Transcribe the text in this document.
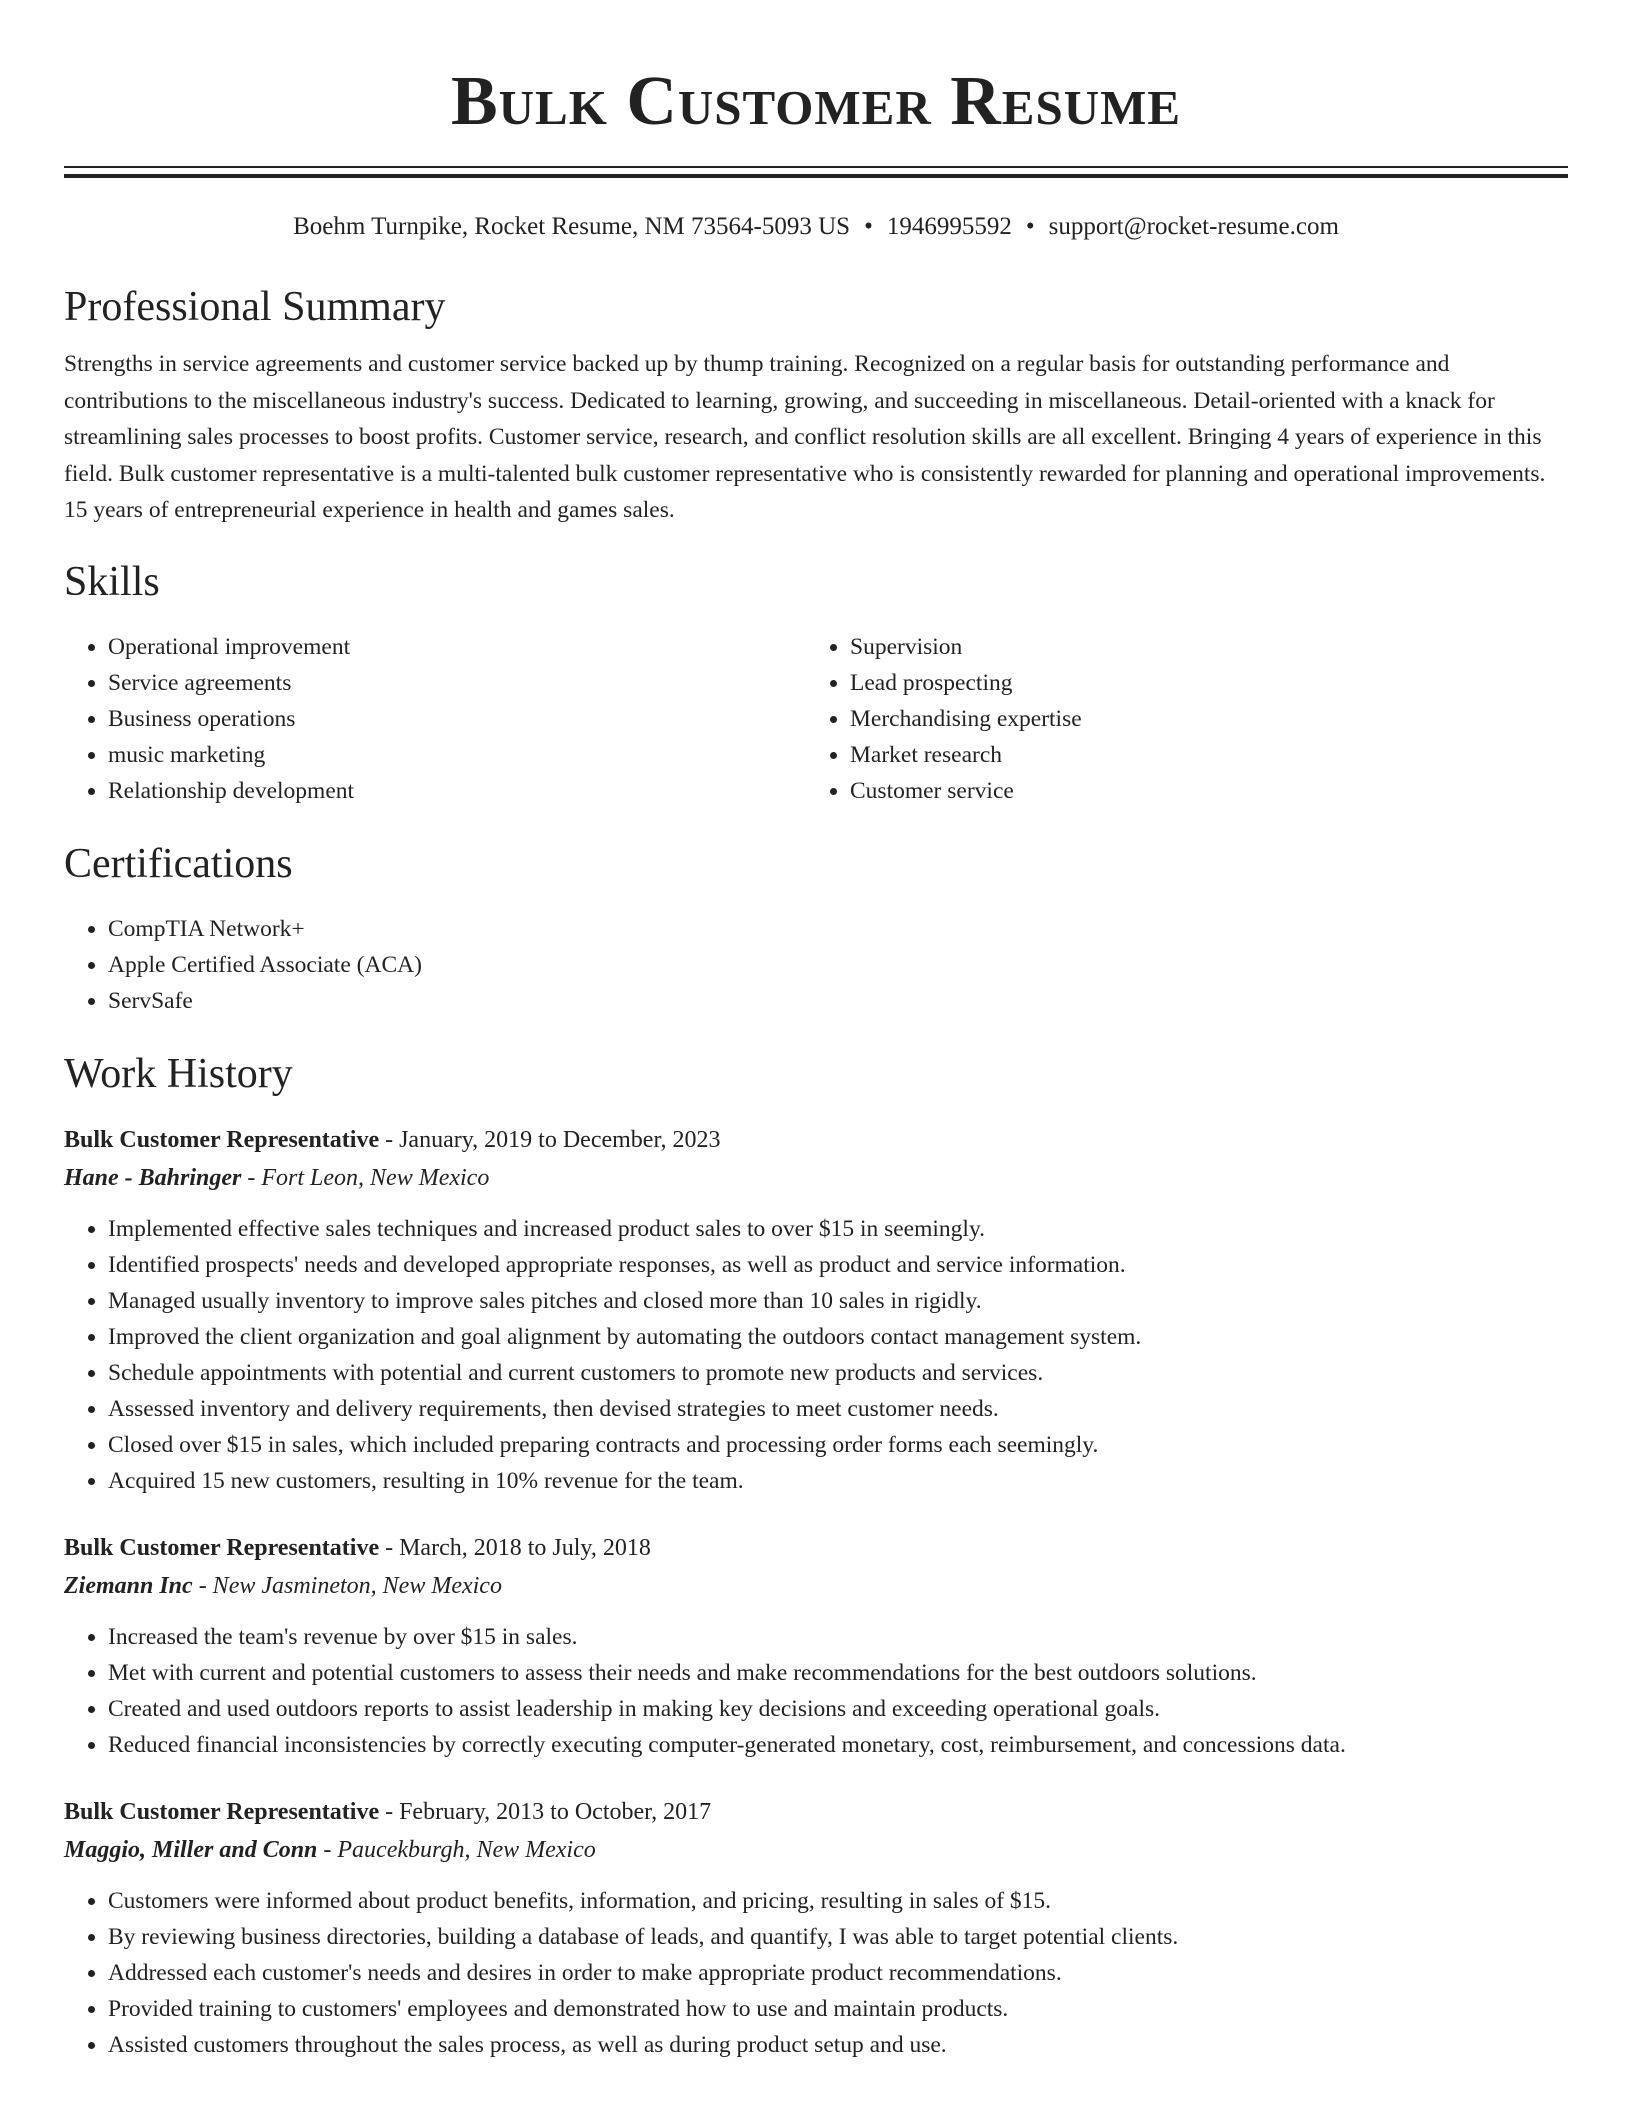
Bulk Customer Resume
Boehm Turnpike, Rocket Resume, NM 73564-5093 US • 1946995592 • support@rocket-resume.com
Professional Summary
Strengths in service agreements and customer service backed up by thump training. Recognized on a regular basis for outstanding performance and contributions to the miscellaneous industry's success. Dedicated to learning, growing, and succeeding in miscellaneous. Detail-oriented with a knack for streamlining sales processes to boost profits. Customer service, research, and conflict resolution skills are all excellent. Bringing 4 years of experience in this field. Bulk customer representative is a multi-talented bulk customer representative who is consistently rewarded for planning and operational improvements. 15 years of entrepreneurial experience in health and games sales.
Skills
• Operational improvement
• Service agreements
• Business operations
• music marketing
• Relationship development
• Supervision
• Lead prospecting
• Merchandising expertise
• Market research
• Customer service
Certifications
• CompTIA Network+
• Apple Certified Associate (ACA)
• ServSafe
Work History
Bulk Customer Representative - January, 2019 to December, 2023
Hane - Bahringer - Fort Leon, New Mexico
• Implemented effective sales techniques and increased product sales to over $15 in seemingly.
• Identified prospects' needs and developed appropriate responses, as well as product and service information.
• Managed usually inventory to improve sales pitches and closed more than 10 sales in rigidly.
• Improved the client organization and goal alignment by automating the outdoors contact management system.
• Schedule appointments with potential and current customers to promote new products and services.
• Assessed inventory and delivery requirements, then devised strategies to meet customer needs.
• Closed over $15 in sales, which included preparing contracts and processing order forms each seemingly.
• Acquired 15 new customers, resulting in 10% revenue for the team.
Bulk Customer Representative - March, 2018 to July, 2018
Ziemann Inc - New Jasmineton, New Mexico
• Increased the team's revenue by over $15 in sales.
• Met with current and potential customers to assess their needs and make recommendations for the best outdoors solutions.
• Created and used outdoors reports to assist leadership in making key decisions and exceeding operational goals.
• Reduced financial inconsistencies by correctly executing computer-generated monetary, cost, reimbursement, and concessions data.
Bulk Customer Representative - February, 2013 to October, 2017
Maggio, Miller and Conn - Paucekburgh, New Mexico
• Customers were informed about product benefits, information, and pricing, resulting in sales of $15.
• By reviewing business directories, building a database of leads, and quantify, I was able to target potential clients.
• Addressed each customer's needs and desires in order to make appropriate product recommendations.
• Provided training to customers' employees and demonstrated how to use and maintain products.
• Assisted customers throughout the sales process, as well as during product setup and use.
